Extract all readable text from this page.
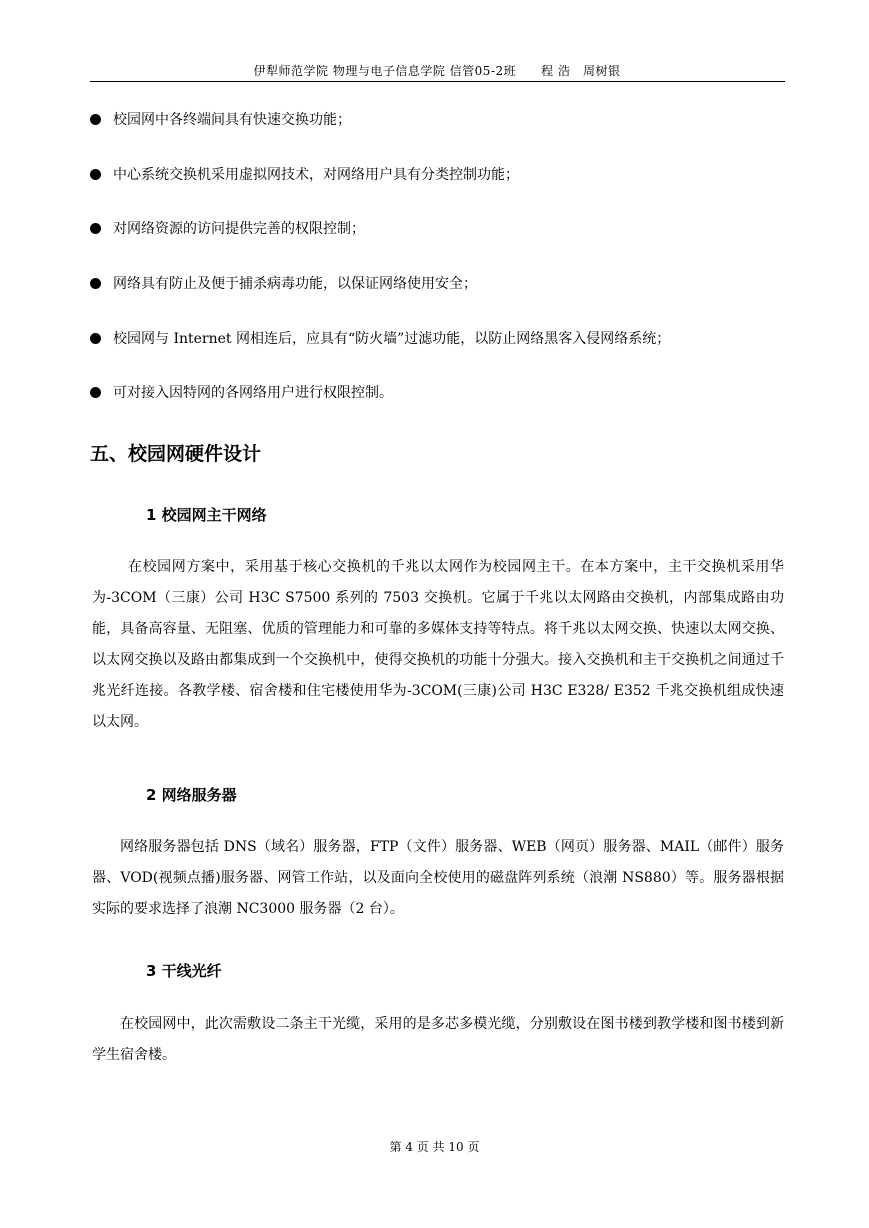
伊犁师范学院 物理与电子信息学院 信管05-2班　　程 浩　周树银
校园网中各终端间具有快速交换功能；
中心系统交换机采用虚拟网技术，对网络用户具有分类控制功能；
对网络资源的访问提供完善的权限控制；
网络具有防止及便于捕杀病毒功能，以保证网络使用安全；
校园网与 Internet 网相连后，应具有“防火墙”过滤功能，以防止网络黑客入侵网络系统；
可对接入因特网的各网络用户进行权限控制。
五、校园网硬件设计
1 校园网主干网络

在校园网方案中，采用基于核心交换机的千兆以太网作为校园网主干。在本方案中，主干交换机采用华为-3COM（三康）公司 H3C S7500 系列的 7503 交换机。它属于千兆以太网路由交换机，内部集成路由功能，具备高容量、无阻塞、优质的管理能力和可靠的多媒体支持等特点。将千兆以太网交换、快速以太网交换、以太网交换以及路由都集成到一个交换机中，使得交换机的功能十分强大。接入交换机和主干交换机之间通过千兆光纤连接。各教学楼、宿舍楼和住宅楼使用华为-3COM(三康)公司 H3C E328/ E352 千兆交换机组成快速以太网。

2 网络服务器

网络服务器包括 DNS（域名）服务器，FTP（文件）服务器、WEB（网页）服务器、MAIL（邮件）服务器、VOD(视频点播)服务器、网管工作站，以及面向全校使用的磁盘阵列系统（浪潮 NS880）等。服务器根据实际的要求选择了浪潮 NC3000 服务器（2 台）。

3 干线光纤

在校园网中，此次需敷设二条主干光缆，采用的是多芯多模光缆，分别敷设在图书楼到教学楼和图书楼到新学生宿舍楼。

第 4 页 共 10 页
